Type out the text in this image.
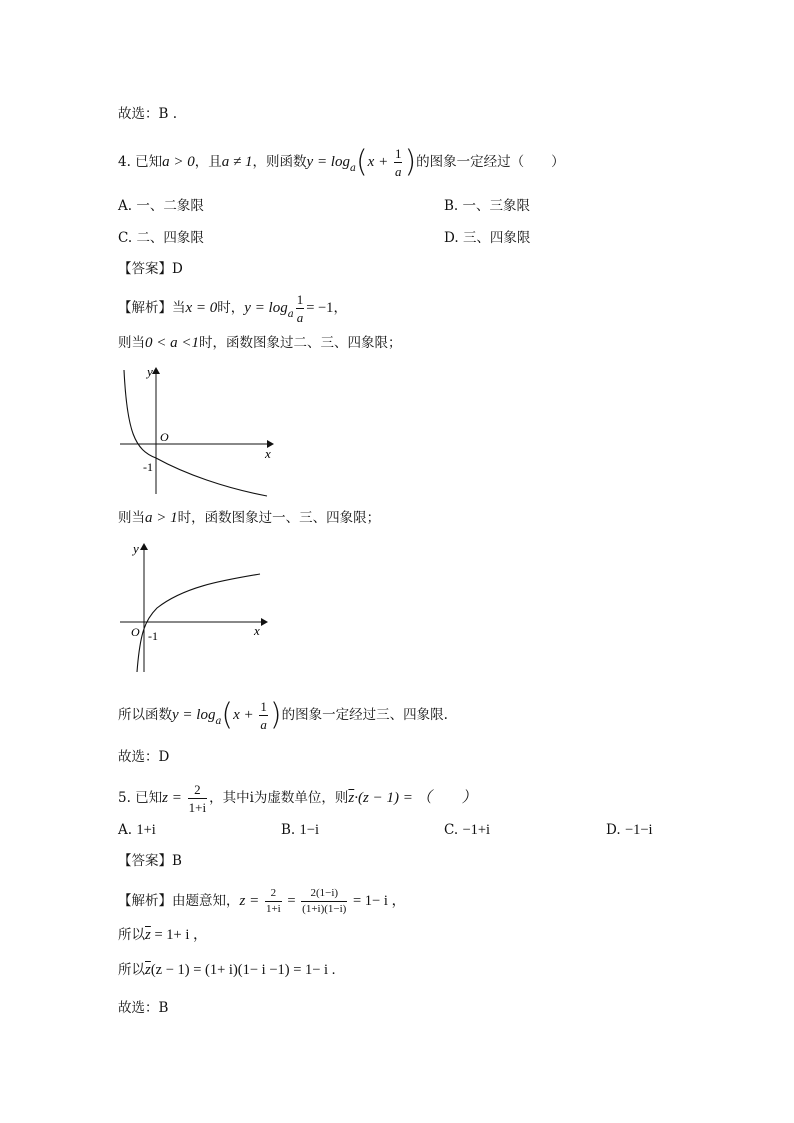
故选：B .
4. 已知a > 0，且a ≠ 1，则函数$y = \log_a(x + \frac{1}{a}$ )的图象一定经过（　　）
A. 一、二象限	B. 一、三象限
C. 二、四象限	D. 三、四象限
【答案】D
【解析】当x = 0时，$y = \log_a \frac{1}{a} = -1$，
则当0 < a <1时，函数图象过二、三、四象限；
y
x
O
-1
则当a > 1时，函数图象过一、三、四象限；
y
x
O -1
所以函数$y = \log_a(x + \frac{1}{a}$ )的图象一定经过三、四象限.
故选：D
5. 已知$z = \frac{2}{1+i}$ ，其中i为虚数单位，则$\overline{z}\cdot(z - 1)$ = （　　）
A. 1+i	B. 1−i	C. −1+i	D. −1−i
【答案】B
【解析】由题意知，$z = \frac{2}{1+i} = \frac{2(1-i)}{(1+i)(1-i)} = 1- i$ ，
所以$\overline{z} = 1+ i$ ，
所以$\overline{z}(z - 1) = (1+ i)(1- i -1) = 1- i$ .
故选：B
